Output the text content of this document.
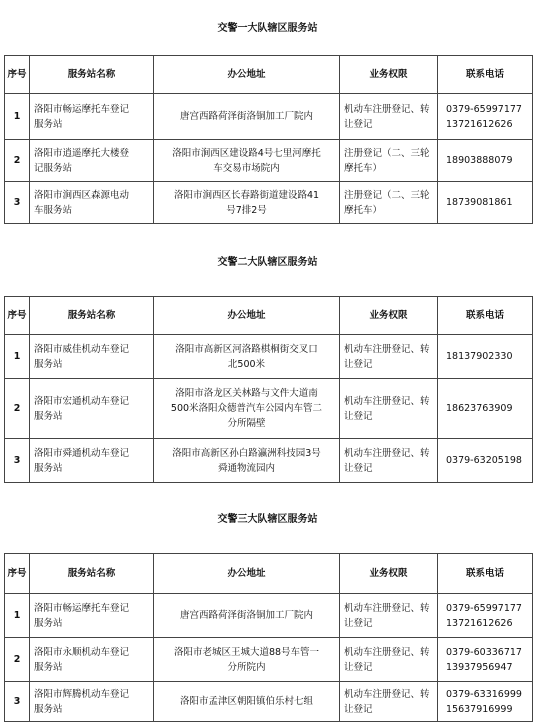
交警一大队辖区服务站
序号	服务站名称	办公地址	业务权限	联系电话
1	洛阳市畅运摩托车登记
服务站	唐宫西路荷泽街洛铜加工厂院内	机动车注册登记、转
让登记	0379-65997177
13721612626

2	洛阳市逍遥摩托大楼登
记服务站	洛阳市涧西区建设路4号七里河摩托
车交易市场院内	注册登记（二、三轮
摩托车）	18903888079

3	洛阳市涧西区森源电动
车服务站	洛阳市涧西区长春路街道建设路41
号7排2号	注册登记（二、三轮
摩托车）	18739081861
交警二大队辖区服务站
序号	服务站名称	办公地址	业务权限	联系电话
1	洛阳市威佳机动车登记
服务站	洛阳市高新区河洛路棋桐街交叉口
北500米	机动车注册登记、转
让登记	18137902330

2	洛阳市宏通机动车登记
服务站	洛阳市洛龙区关林路与文件大道南
500米洛阳众德普汽车公园内车管二
分所隔壁	机动车注册登记、转
让登记	18623763909

3	洛阳市舜通机动车登记
服务站	洛阳市高新区孙白路瀛洲科技园3号
舜通物流园内	机动车注册登记、转
让登记	0379-63205198
交警三大队辖区服务站
序号	服务站名称	办公地址	业务权限	联系电话
1	洛阳市畅运摩托车登记
服务站	唐宫西路荷泽街洛铜加工厂院内	机动车注册登记、转
让登记	0379-65997177
13721612626

2	洛阳市永顺机动车登记
服务站	洛阳市老城区王城大道88号车管一
分所院内	机动车注册登记、转
让登记	0379-60336717
13937956947

3	洛阳市辉腾机动车登记
服务站	洛阳市孟津区朝阳镇伯乐村七组	机动车注册登记、转
让登记	0379-63316999
15637916999
